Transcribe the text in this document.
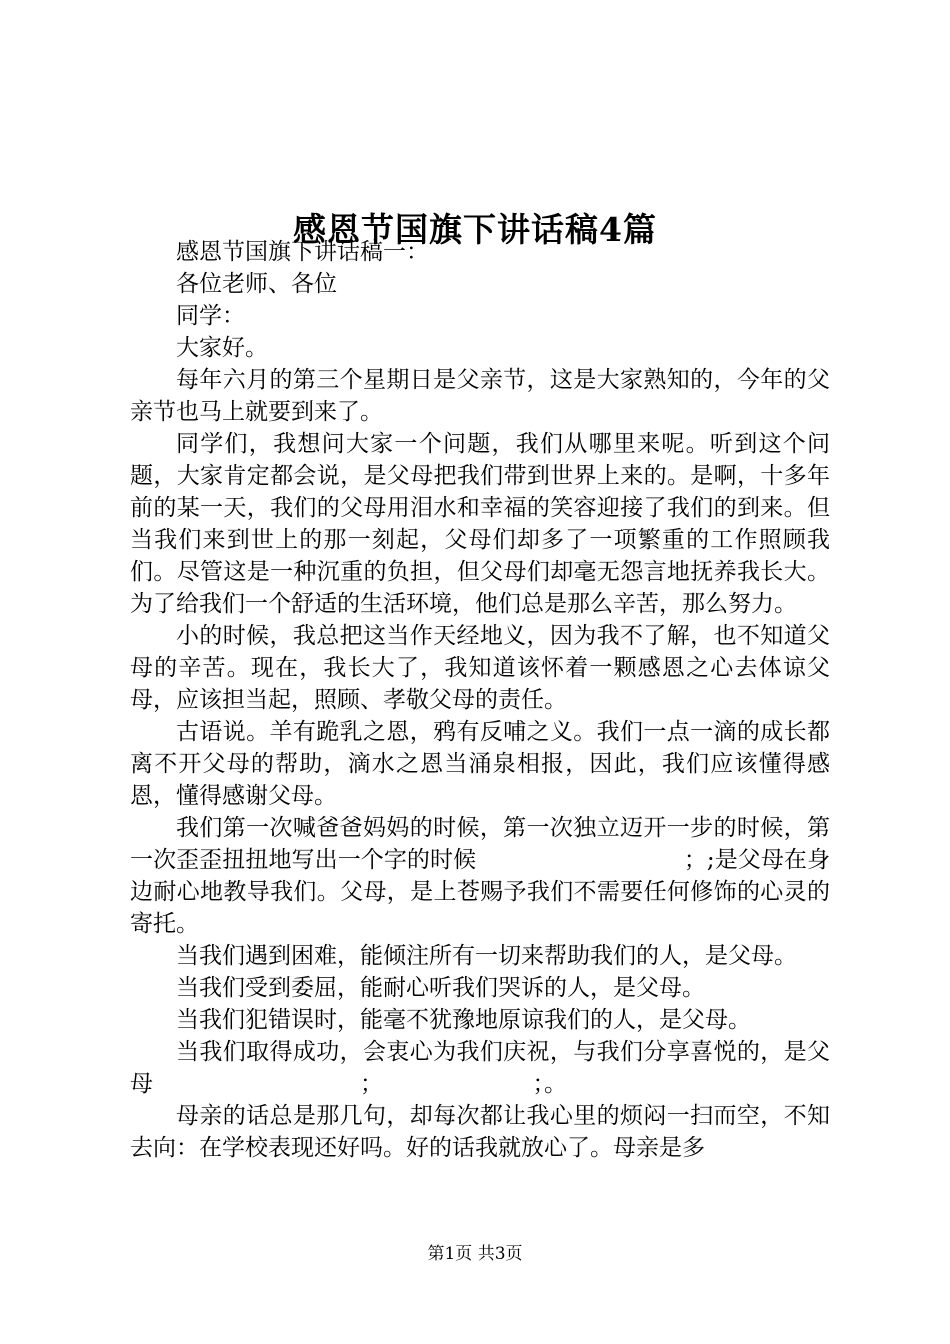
感恩节国旗下讲话稿4篇

感恩节国旗下讲话稿一：

各位老师、各位

同学：

大家好。

每年六月的第三个星期日是父亲节，这是大家熟知的，今年的父亲节也马上就要到来了。

同学们，我想问大家一个问题，我们从哪里来呢。听到这个问题，大家肯定都会说，是父母把我们带到世界上来的。是啊，十多年前的某一天，我们的父母用泪水和幸福的笑容迎接了我们的到来。但当我们来到世上的那一刻起，父母们却多了一项繁重的工作照顾我们。尽管这是一种沉重的负担，但父母们却毫无怨言地抚养我长大。为了给我们一个舒适的生活环境，他们总是那么辛苦，那么努力。

小的时候，我总把这当作天经地义，因为我不了解，也不知道父母的辛苦。现在，我长大了，我知道该怀着一颗感恩之心去体谅父母，应该担当起，照顾、孝敬父母的责任。

古语说。羊有跪乳之恩，鸦有反哺之义。我们一点一滴的成长都离不开父母的帮助，滴水之恩当涌泉相报，因此，我们应该懂得感恩，懂得感谢父母。

我们第一次喊爸爸妈妈的时候，第一次独立迈开一步的时候，第一次歪歪扭扭地写出一个字的时候　　　　　　　　　；;是父母在身边耐心地教导我们。父母，是上苍赐予我们不需要任何修饰的心灵的寄托。

当我们遇到困难，能倾注所有一切来帮助我们的人，是父母。

当我们受到委屈，能耐心听我们哭诉的人，是父母。

当我们犯错误时，能毫不犹豫地原谅我们的人，是父母。

当我们取得成功，会衷心为我们庆祝，与我们分享喜悦的，是父母　　　　　　　　　；　　　　　　　；。

母亲的话总是那几句，却每次都让我心里的烦闷一扫而空，不知去向：在学校表现还好吗。好的话我就放心了。母亲是多

第1页 共3页
